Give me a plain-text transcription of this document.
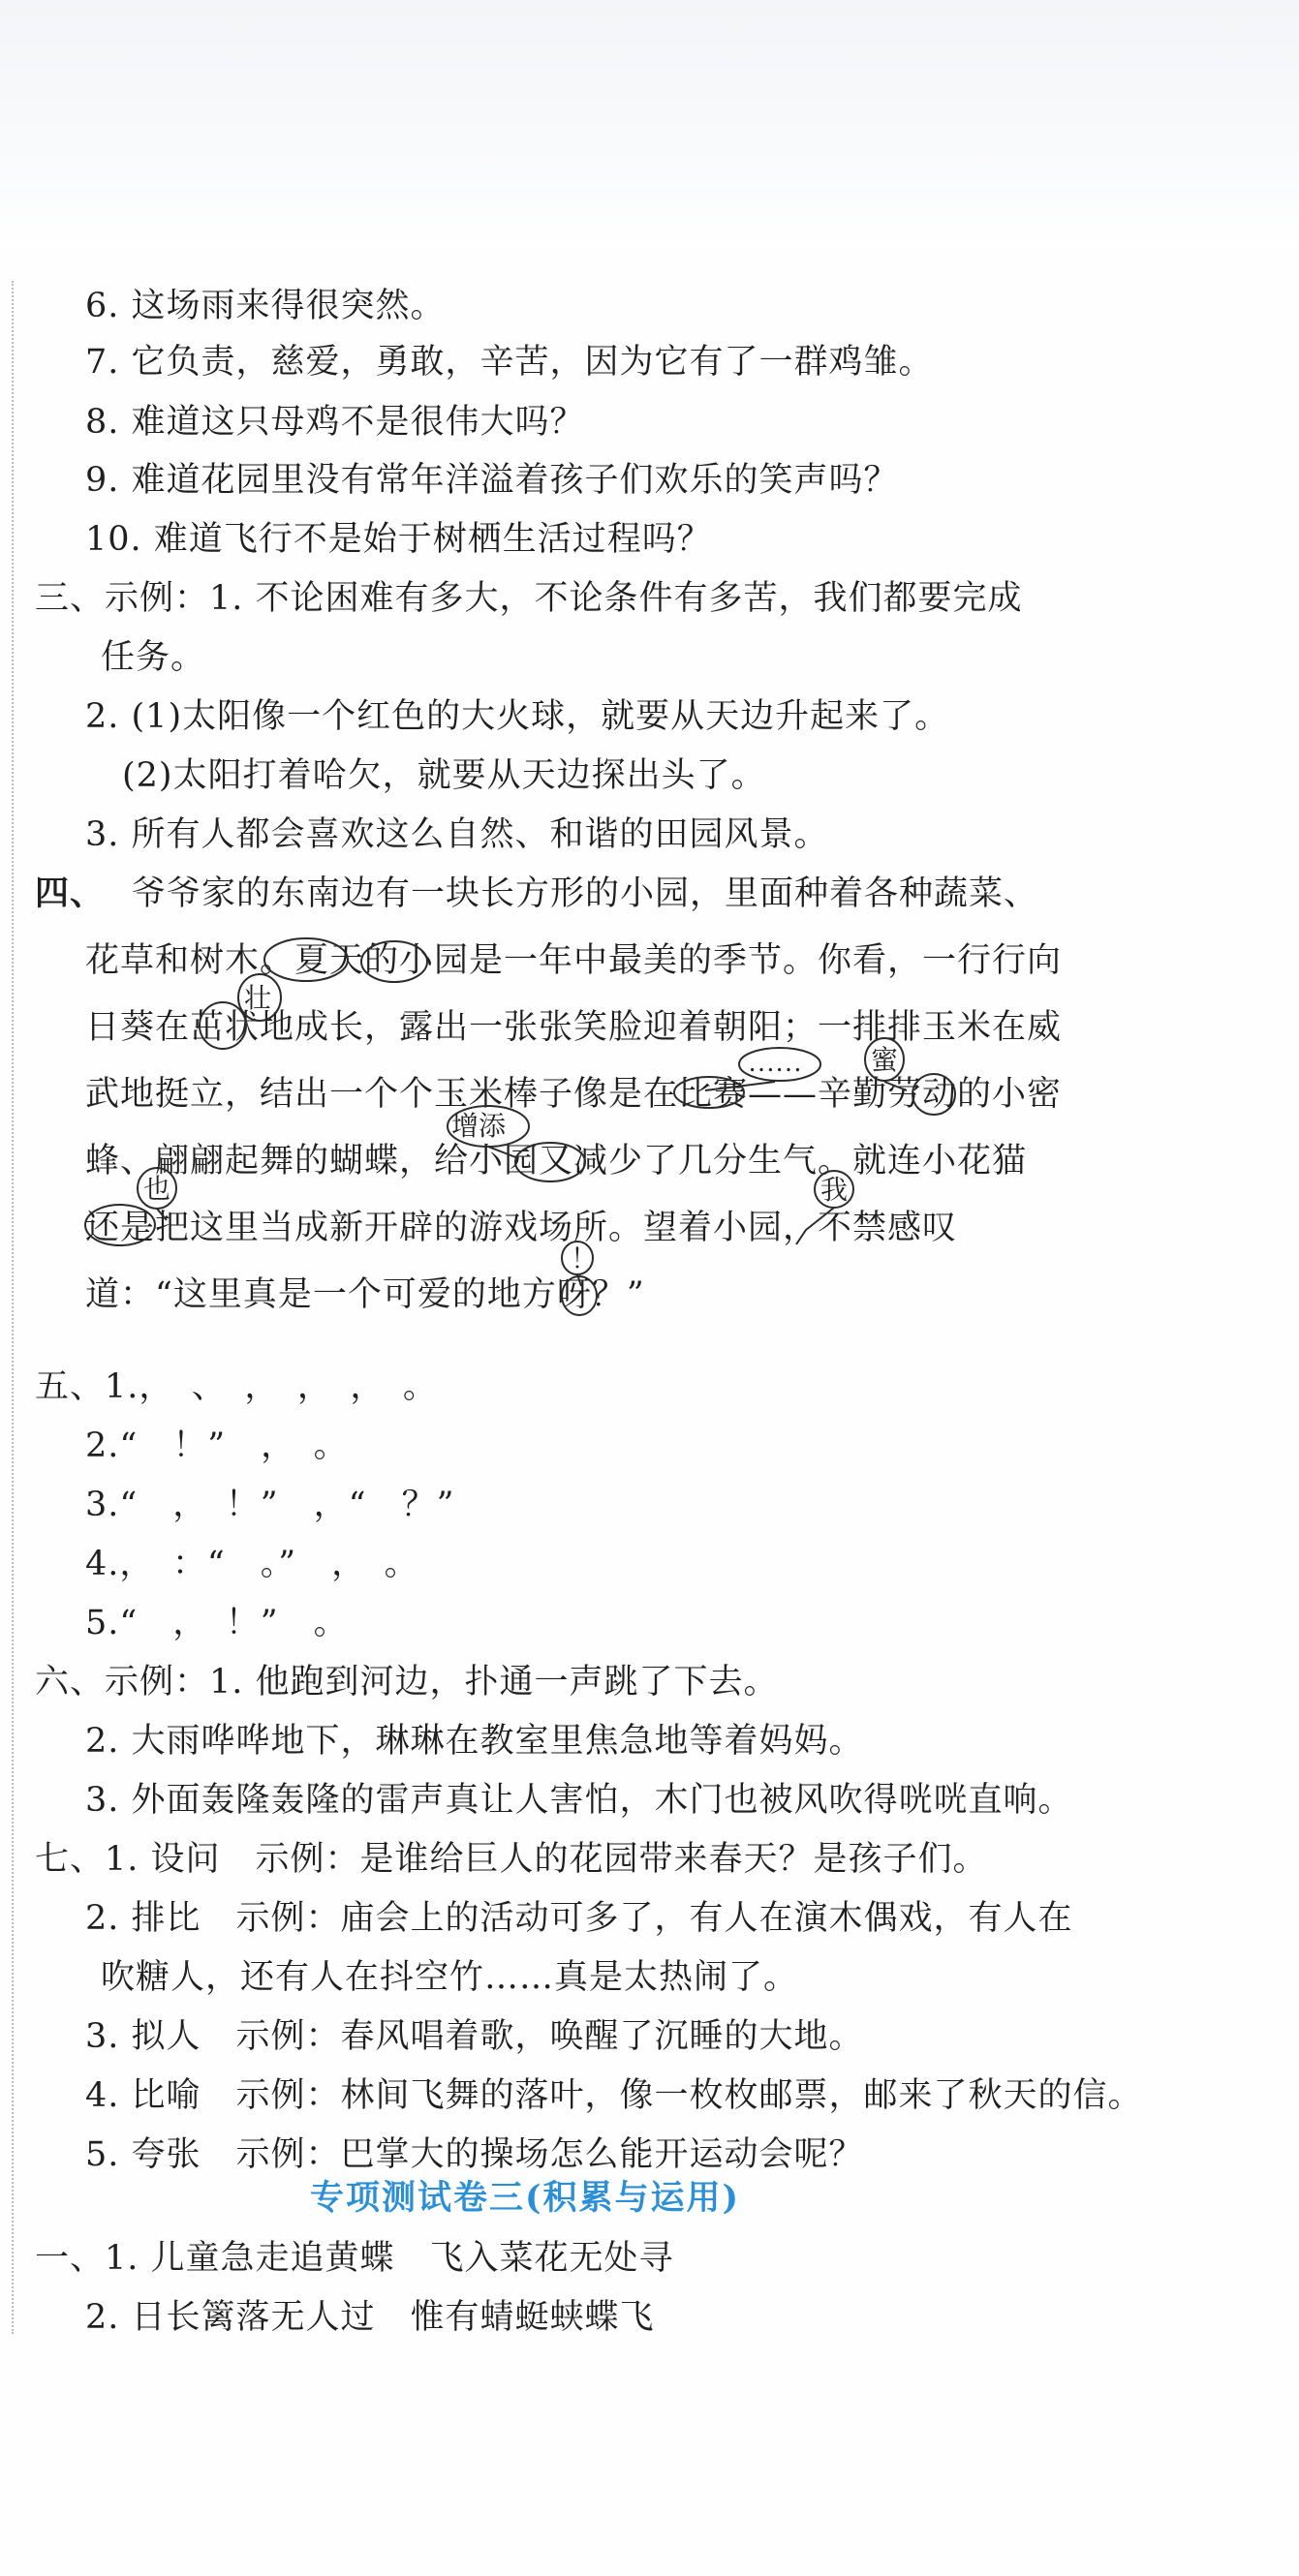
6. 这场雨来得很突然。
7. 它负责，慈爱，勇敢，辛苦，因为它有了一群鸡雏。
8. 难道这只母鸡不是很伟大吗？
9. 难道花园里没有常年洋溢着孩子们欢乐的笑声吗？
10. 难道飞行不是始于树栖生活过程吗？
三、示例：1. 不论困难有多大，不论条件有多苦，我们都要完成
任务。
2. (1)太阳像一个红色的大火球，就要从天边升起来了。
(2)太阳打着哈欠，就要从天边探出头了。
3. 所有人都会喜欢这么自然、和谐的田园风景。
四、 爷爷家的东南边有一块长方形的小园，里面种着各种蔬菜、
花草和树木。夏天的小园是一年中最美的季节。你看，一行行向
日葵在茁状地成长，露出一张张笑脸迎着朝阳；一排排玉米在威
武地挺立，结出一个个玉米棒子像是在比赛——辛勤劳动的小密
蜂、翩翩起舞的蝴蝶，给小园又减少了几分生气。就连小花猫
还是把这里当成新开辟的游戏场所。望着小园，不禁感叹
道：“这里真是一个可爱的地方呀？”
壮
……	蜜
增添
也	我
！
五、1.，　、　，　，　，　。
2.“　！”　，　。
3.“　，　！”　，“　？”
4.，　：“　。”　，　。
5.“　，　！”　。
六、示例：1. 他跑到河边，扑通一声跳了下去。
2. 大雨哗哗地下，琳琳在教室里焦急地等着妈妈。
3. 外面轰隆轰隆的雷声真让人害怕，木门也被风吹得咣咣直响。
七、1. 设问　示例：是谁给巨人的花园带来春天？是孩子们。
2. 排比　示例：庙会上的活动可多了，有人在演木偶戏，有人在
吹糖人，还有人在抖空竹……真是太热闹了。
3. 拟人　示例：春风唱着歌，唤醒了沉睡的大地。
4. 比喻　示例：林间飞舞的落叶，像一枚枚邮票，邮来了秋天的信。
5. 夸张　示例：巴掌大的操场怎么能开运动会呢？
专项测试卷三(积累与运用)
一、1. 儿童急走追黄蝶　飞入菜花无处寻
2. 日长篱落无人过　惟有蜻蜓蛱蝶飞
